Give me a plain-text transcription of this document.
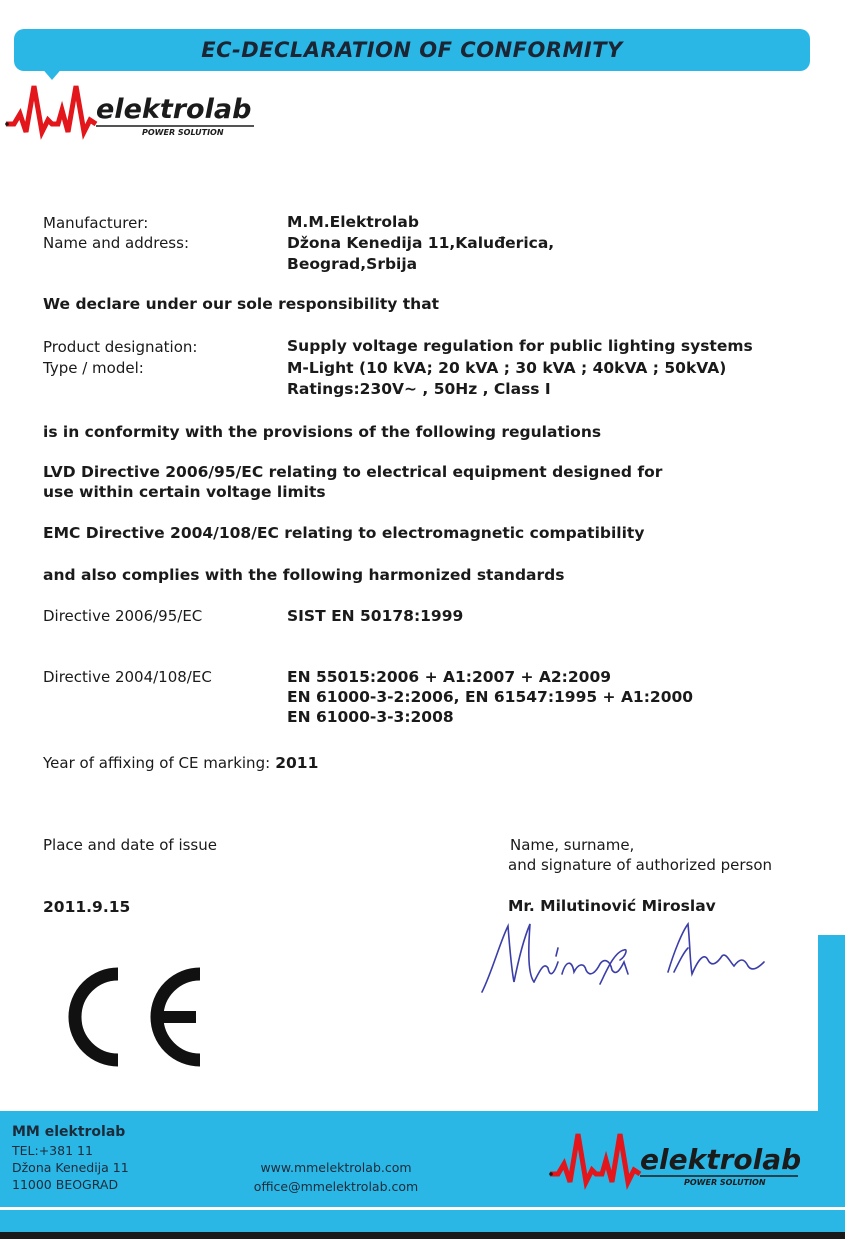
EC-DECLARATION OF CONFORMITY
elektrolab
POWER SOLUTION
Manufacturer:	M.M.Elektrolab
Name and address:	Džona Kenedija 11,Kaluđerica,
Beograd,Srbija
We declare under our sole responsibility that
Product designation:	Supply voltage regulation for public lighting systems
Type / model:	M-Light (10 kVA; 20 kVA ; 30 kVA ; 40kVA ; 50kVA)
Ratings:230V~ , 50Hz , Class I
is in conformity with the provisions of the following regulations
LVD Directive 2006/95/EC relating to electrical equipment designed for
use within certain voltage limits
EMC Directive 2004/108/EC relating to electromagnetic compatibility
and also complies with the following harmonized standards
Directive 2006/95/EC	SIST EN 50178:1999
Directive 2004/108/EC	EN 55015:2006 + A1:2007 + A2:2009
EN 61000-3-2:2006, EN 61547:1995 + A1:2000
EN 61000-3-3:2008
Year of affixing of CE marking: 2011
Place and date of issue
2011.9.15
Name, surname,
and signature of authorized person
Mr. Milutinović Miroslav
MM elektrolab
TEL:+381 11
Džona Kenedija 11
11000 BEOGRAD
www.mmelektrolab.com
office@mmelektrolab.com
elektrolab
POWER SOLUTION
